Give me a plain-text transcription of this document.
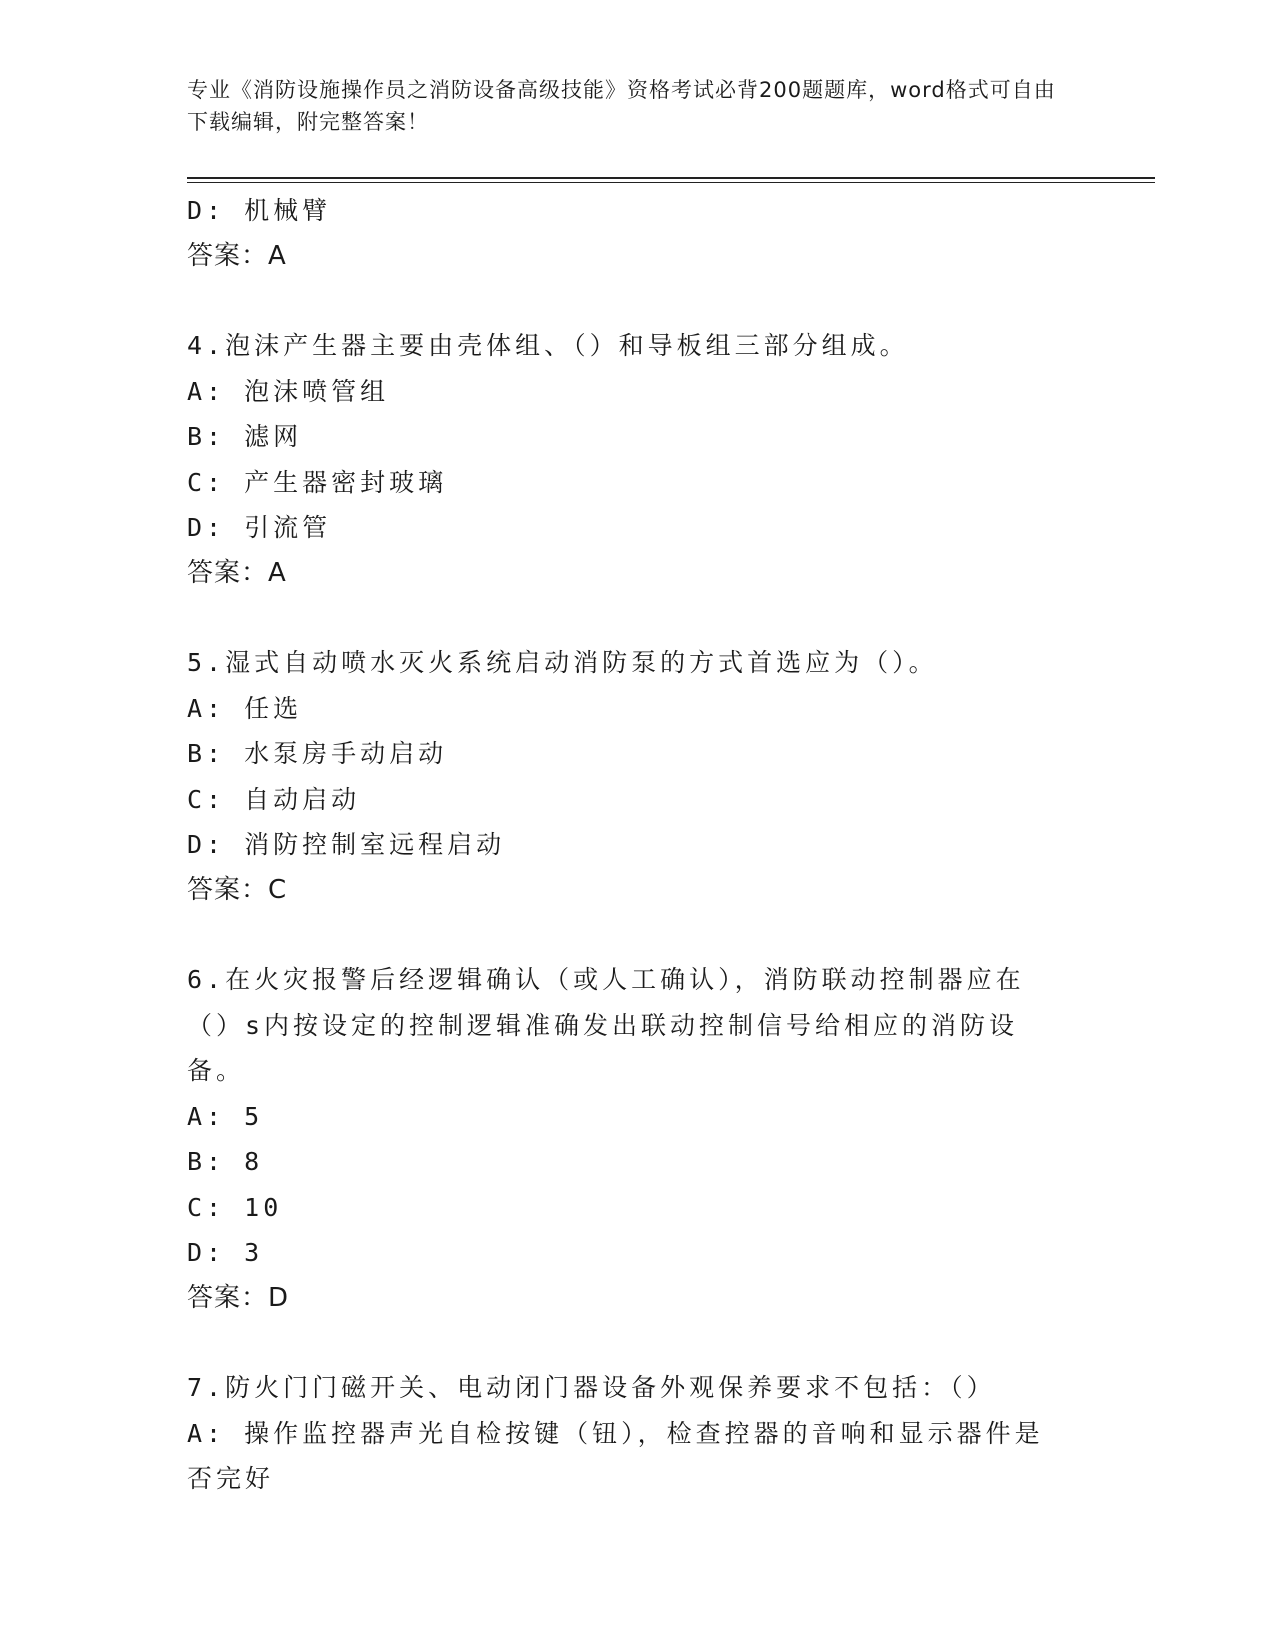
专业《消防设施操作员之消防设备高级技能》资格考试必背200题题库，word格式可自由下载编辑，附完整答案！
D: 机械臂
答案：A
4.泡沫产生器主要由壳体组、（）和导板组三部分组成。
A: 泡沫喷管组
B: 滤网
C: 产生器密封玻璃
D: 引流管
答案：A
5.湿式自动喷水灭火系统启动消防泵的方式首选应为（）。
A: 任选
B: 水泵房手动启动
C: 自动启动
D: 消防控制室远程启动
答案：C
6.在火灾报警后经逻辑确认（或人工确认），消防联动控制器应在（）s内按设定的控制逻辑准确发出联动控制信号给相应的消防设备。
A: 5
B: 8
C: 10
D: 3
答案：D
7.防火门门磁开关、电动闭门器设备外观保养要求不包括：（）
A: 操作监控器声光自检按键（钮），检查控器的音响和显示器件是否完好
